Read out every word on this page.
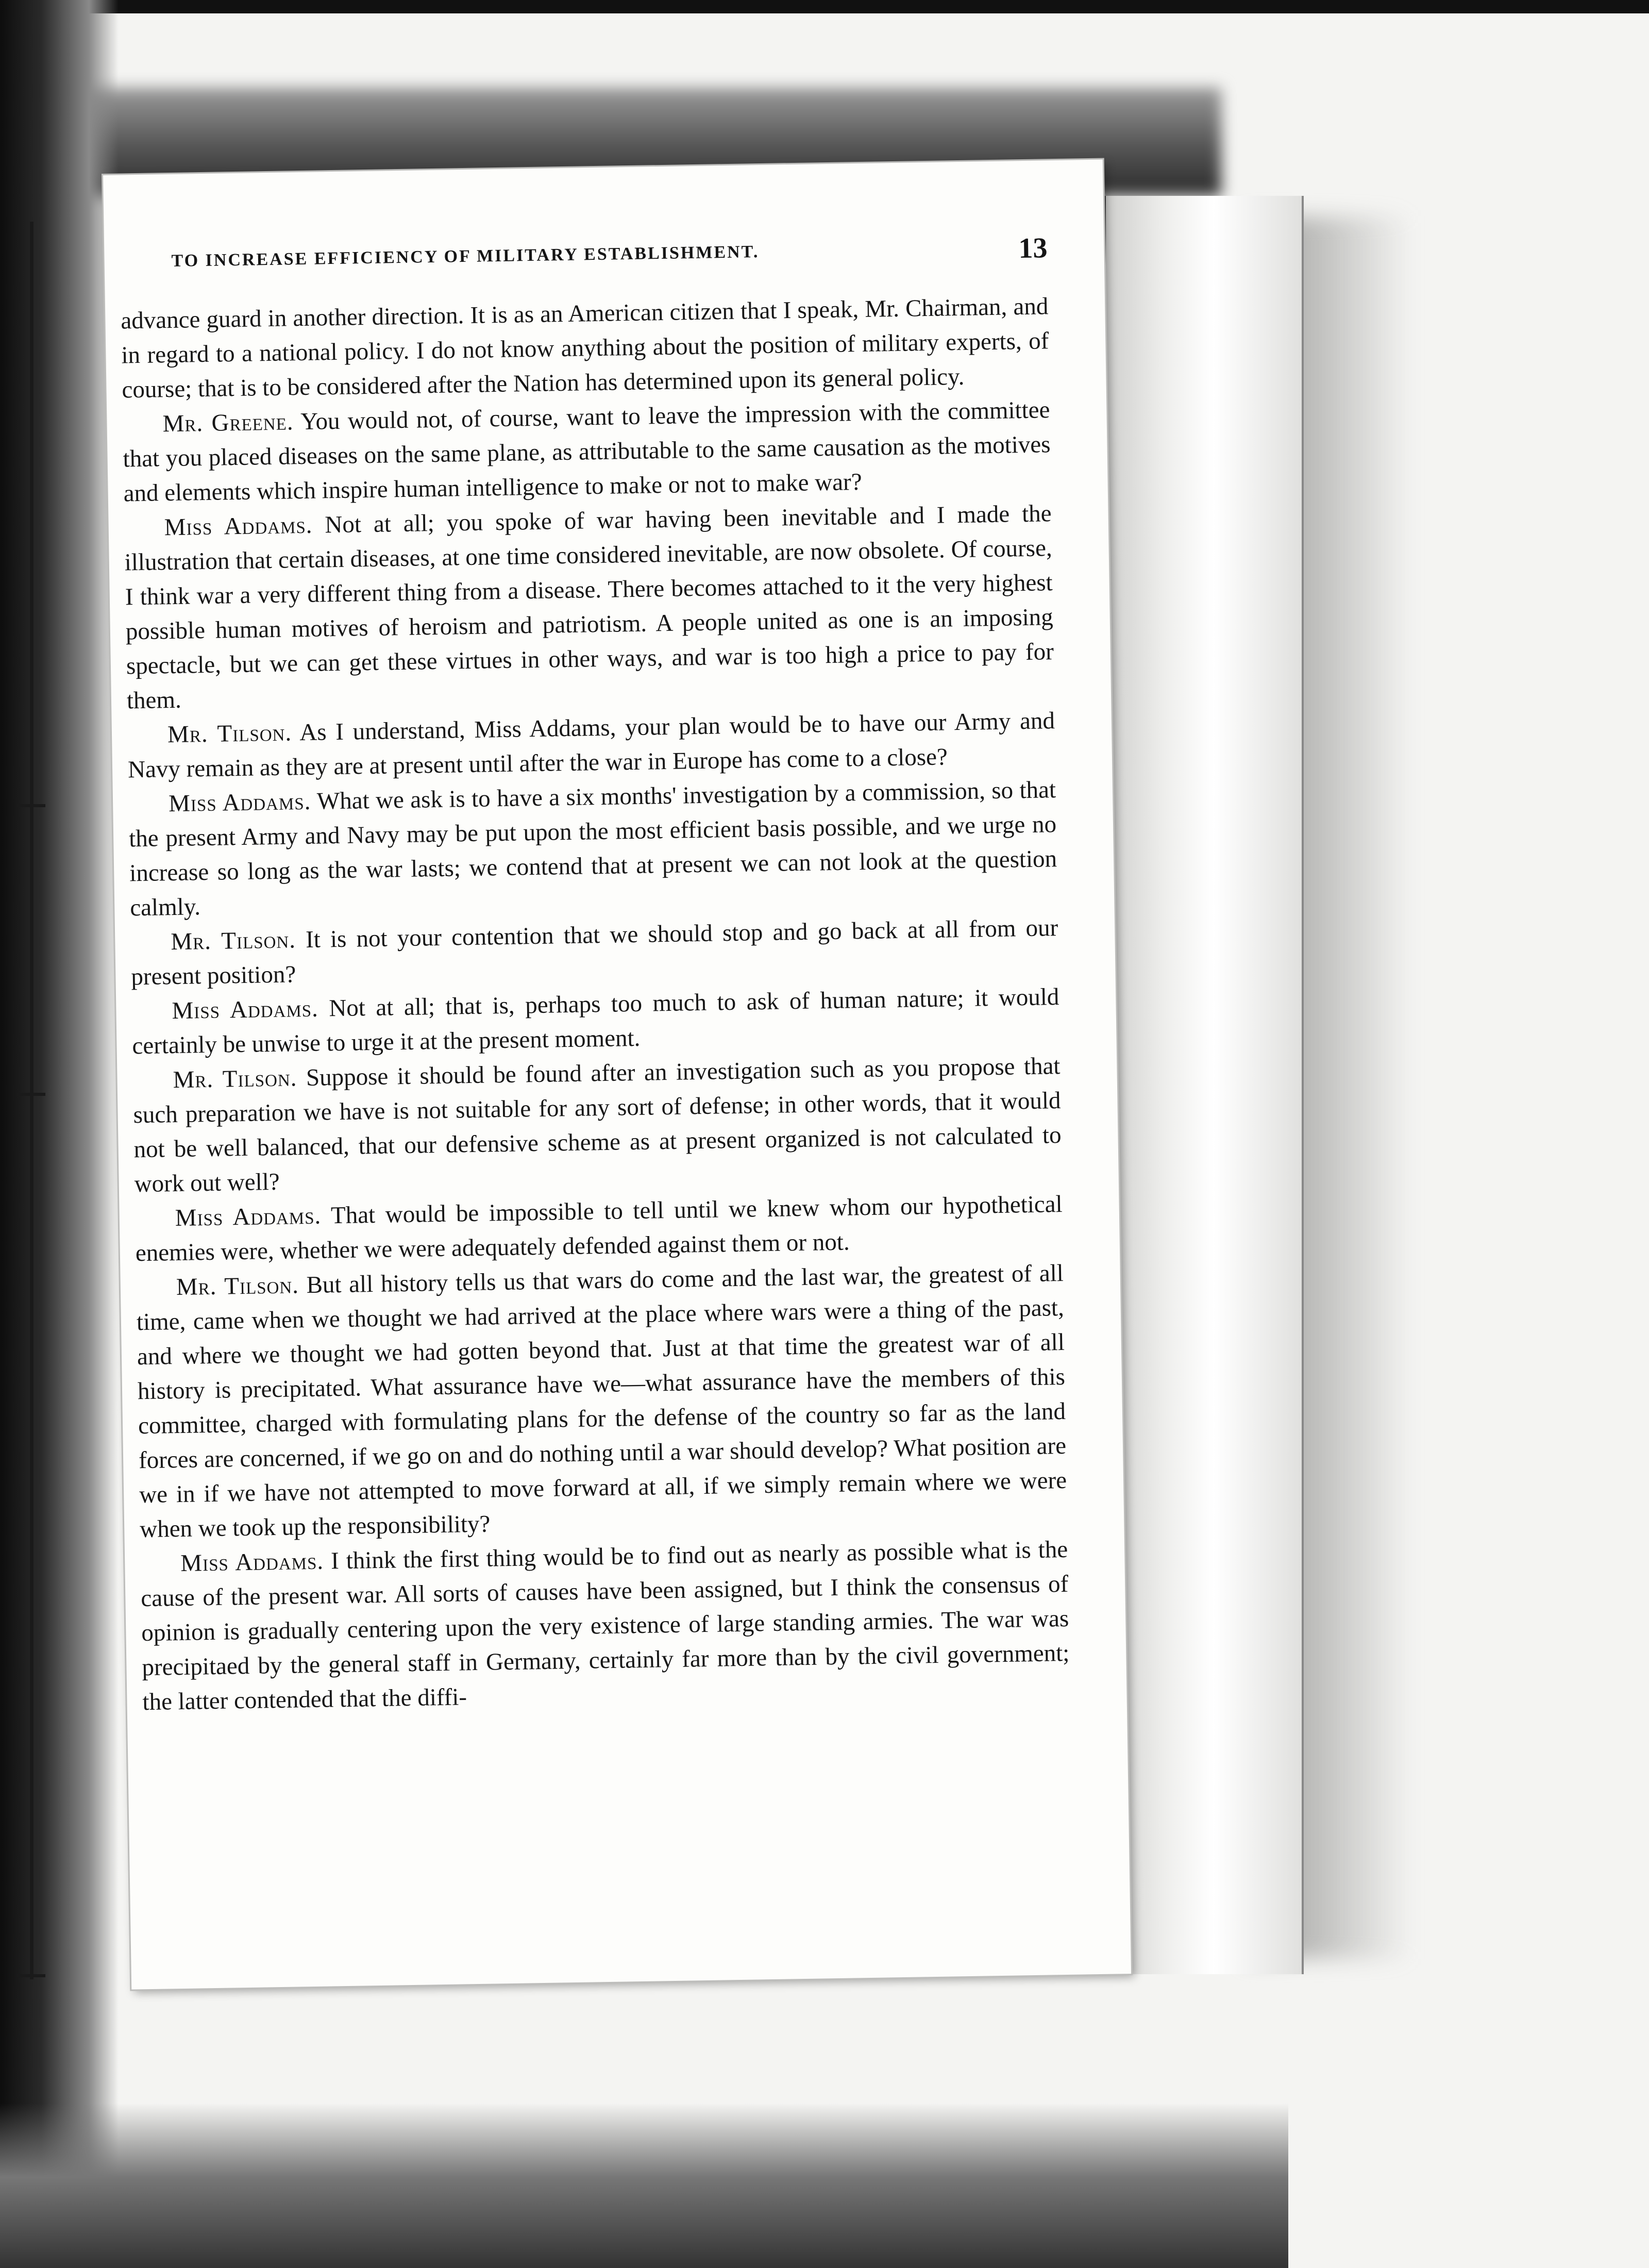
TO INCREASE EFFICIENCY OF MILITARY ESTABLISHMENT.	13

advance guard in another direction. It is as an American citizen that I speak, Mr. Chairman, and in regard to a national policy. I do not know anything about the position of military experts, of course; that is to be considered after the Nation has determined upon its general policy.

Mr. Greene. You would not, of course, want to leave the impression with the committee that you placed diseases on the same plane, as attributable to the same causation as the motives and elements which inspire human intelligence to make or not to make war?

Miss Addams. Not at all; you spoke of war having been inevitable and I made the illustration that certain diseases, at one time considered inevitable, are now obsolete. Of course, I think war a very different thing from a disease. There becomes attached to it the very highest possible human motives of heroism and patriotism. A people united as one is an imposing spectacle, but we can get these virtues in other ways, and war is too high a price to pay for them.

Mr. Tilson. As I understand, Miss Addams, your plan would be to have our Army and Navy remain as they are at present until after the war in Europe has come to a close?

Miss Addams. What we ask is to have a six months' investigation by a commission, so that the present Army and Navy may be put upon the most efficient basis possible, and we urge no increase so long as the war lasts; we contend that at present we can not look at the question calmly.

Mr. Tilson. It is not your contention that we should stop and go back at all from our present position?

Miss Addams. Not at all; that is, perhaps too much to ask of human nature; it would certainly be unwise to urge it at the present moment.

Mr. Tilson. Suppose it should be found after an investigation such as you propose that such preparation we have is not suitable for any sort of defense; in other words, that it would not be well balanced, that our defensive scheme as at present organized is not calculated to work out well?

Miss Addams. That would be impossible to tell until we knew whom our hypothetical enemies were, whether we were adequately defended against them or not.

Mr. Tilson. But all history tells us that wars do come and the last war, the greatest of all time, came when we thought we had arrived at the place where wars were a thing of the past, and where we thought we had gotten beyond that. Just at that time the greatest war of all history is precipitated. What assurance have we—what assurance have the members of this committee, charged with formulating plans for the defense of the country so far as the land forces are concerned, if we go on and do nothing until a war should develop? What position are we in if we have not attempted to move forward at all, if we simply remain where we were when we took up the responsibility?

Miss Addams. I think the first thing would be to find out as nearly as possible what is the cause of the present war. All sorts of causes have been assigned, but I think the consensus of opinion is gradually centering upon the very existence of large standing armies. The war was precipitaed by the general staff in Germany, certainly far more than by the civil government; the latter contended that the diffi-
